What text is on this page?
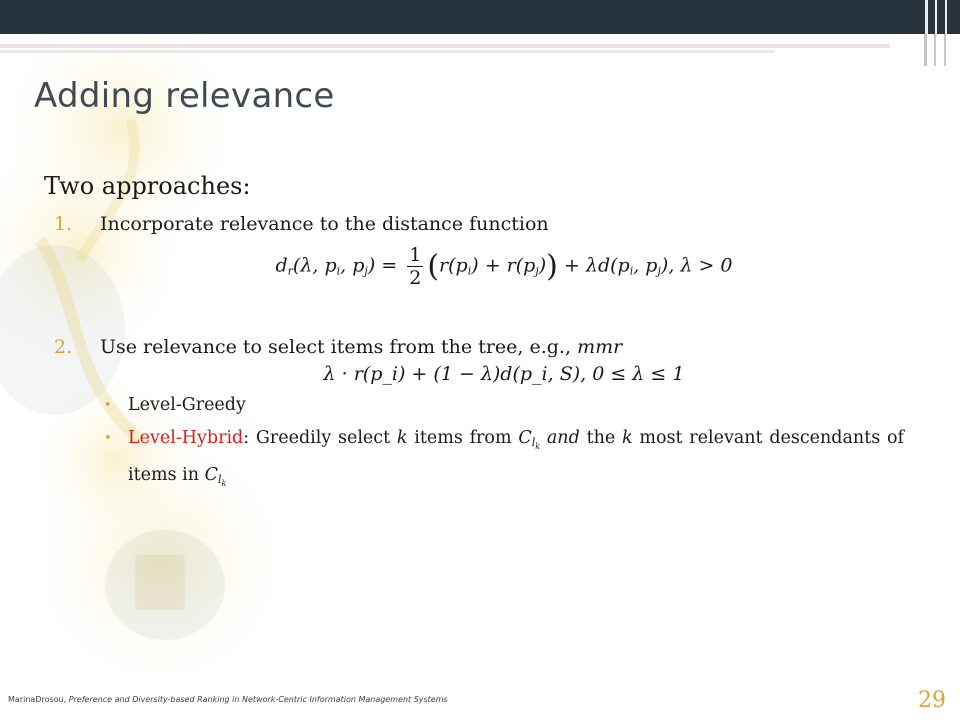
Adding relevance
Two approaches:
1. Incorporate relevance to the distance function
$d_r(\lambda$, $p_i$, $p_j) = \frac{1}{2} (r(p_i) + r(p_j)) + \lambda d(p_i$, $p_j$), λ > 0
2. Use relevance to select items from the tree, e.g., mmr
λ · r(p_i) + (1 − λ)d(p_i, S), 0 ≤ λ ≤ 1
• Level-Greedy
• Level-Hybrid: Greedily select k items from $C_{l_k}$ and the k most relevant descendants of items in $C_{l_k}$
MarinaDrosou, Preference and Diversity-based Ranking in Network-Centric Information Management Systems	29
